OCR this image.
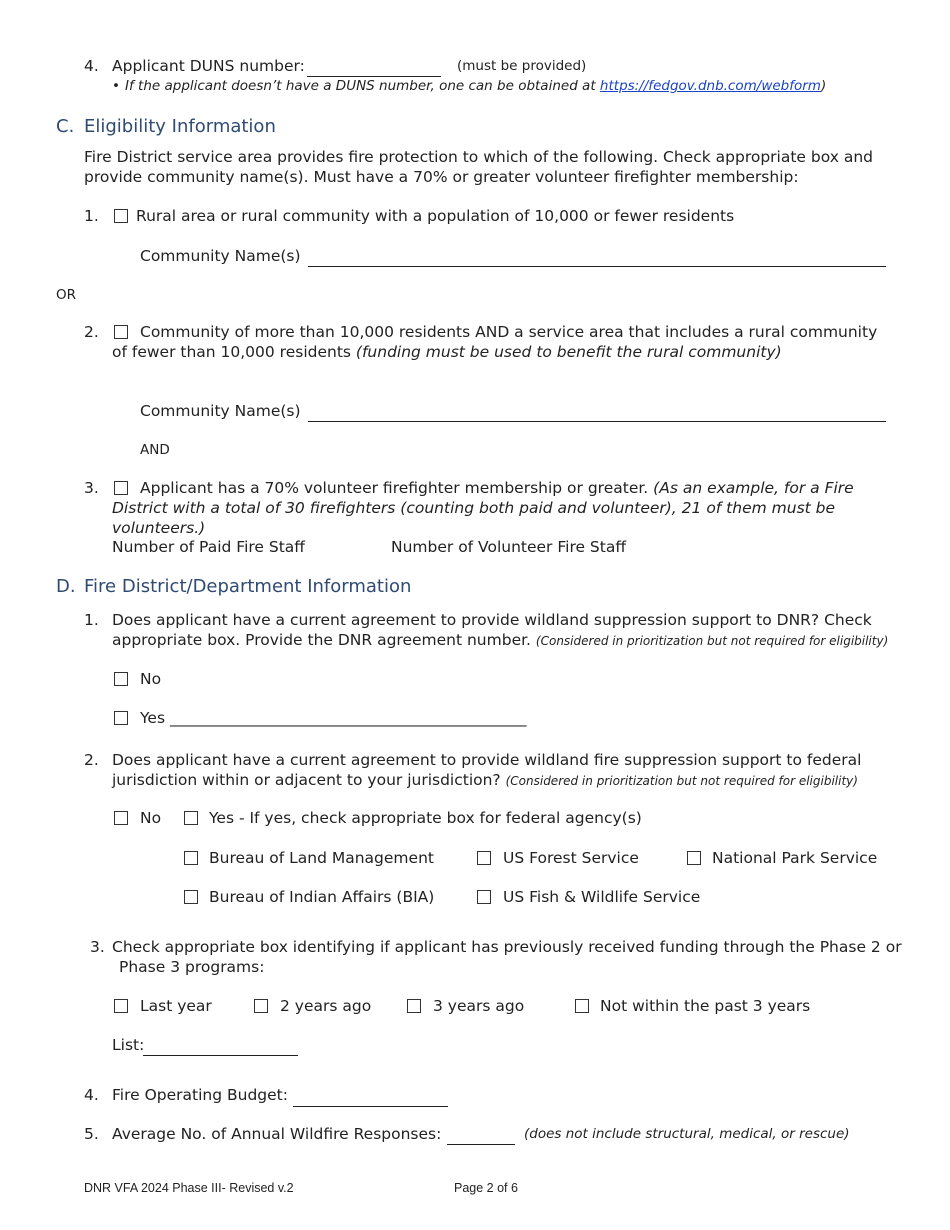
4. Applicant DUNS number:	(must be provided)
• If the applicant doesn’t have a DUNS number, one can be obtained at https://fedgov.dnb.com/webform)
C. Eligibility Information
Fire District service area provides fire protection to which of the following. Check appropriate box and provide community name(s). Must have a 70% or greater volunteer firefighter membership:
1. Rural area or rural community with a population of 10,000 or fewer residents
Community Name(s)
OR
2.	Community of more than 10,000 residents AND a service area that includes a rural community of fewer than 10,000 residents (funding must be used to benefit the rural community)
Community Name(s)
AND
3.	Applicant has a 70% volunteer firefighter membership or greater. (As an example, for a Fire District with a total of 30 firefighters (counting both paid and volunteer), 21 of them must be volunteers.)
Number of Paid Fire Staff	Number of Volunteer Fire Staff
D. Fire District/Department Information
1. Does applicant have a current agreement to provide wildland suppression support to DNR? Check appropriate box. Provide the DNR agreement number. (Considered in prioritization but not required for eligibility)
No
Yes ______________________________________________
2. Does applicant have a current agreement to provide wildland fire suppression support to federal jurisdiction within or adjacent to your jurisdiction? (Considered in prioritization but not required for eligibility)
No	Yes - If yes, check appropriate box for federal agency(s)
Bureau of Land Management	US Forest Service	National Park Service
Bureau of Indian Affairs (BIA)	US Fish & Wildlife Service
3. Check appropriate box identifying if applicant has previously received funding through the Phase 2 or
Phase 3 programs:
Last year	2 years ago	3 years ago	Not within the past 3 years
List:
4. Fire Operating Budget:
5. Average No. of Annual Wildfire Responses:	(does not include structural, medical, or rescue)
DNR VFA 2024 Phase III- Revised v.2	Page 2 of 6
